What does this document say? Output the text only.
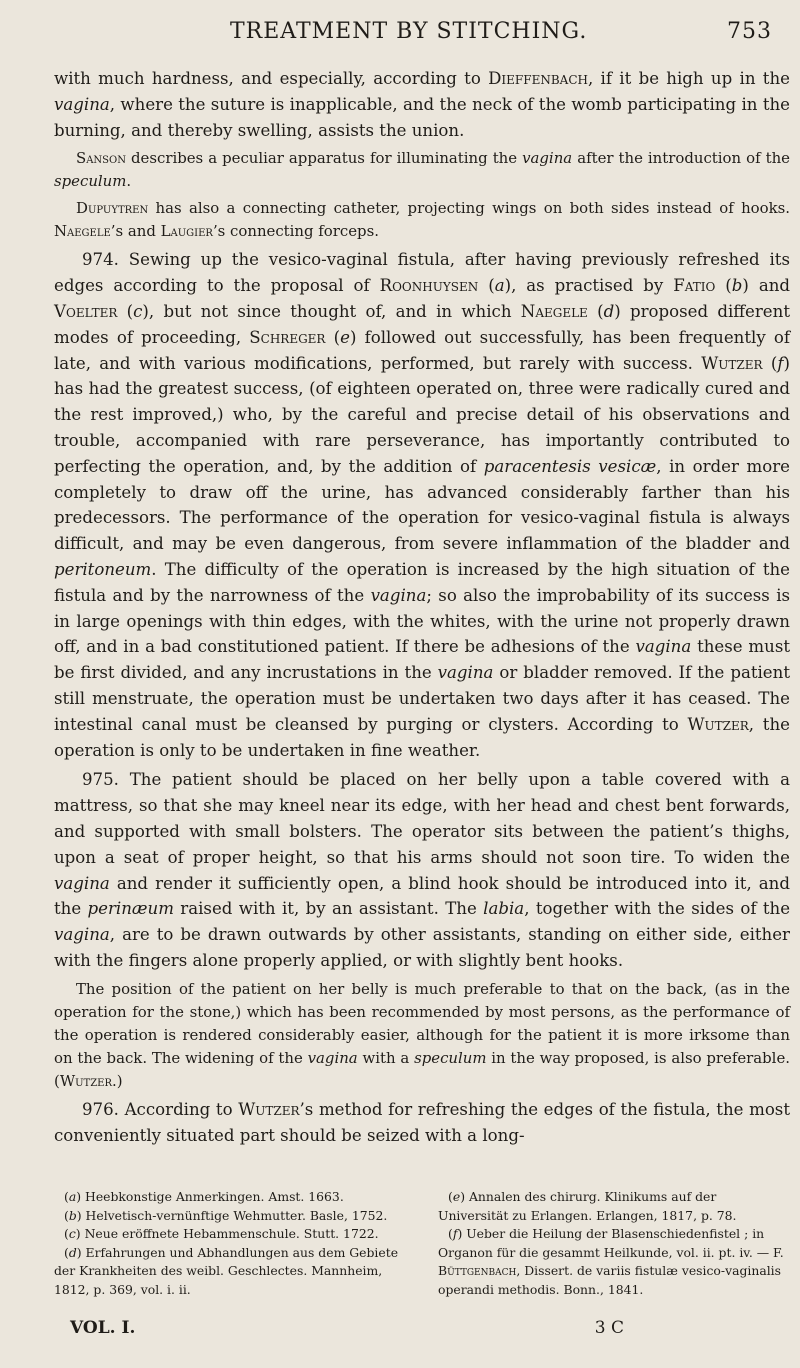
TREATMENT BY STITCHING.	753

with much hardness, and especially, according to Dieffenbach, if it be high up in the vagina, where the suture is inapplicable, and the neck of the womb participating in the burning, and thereby swelling, assists the union.

Sanson describes a peculiar apparatus for illuminating the vagina after the introduction of the speculum.

Dupuytren has also a connecting catheter, projecting wings on both sides instead of hooks. Naegele’s and Laugier’s connecting forceps.

974. Sewing up the vesico-vaginal fistula, after having previously refreshed its edges according to the proposal of Roonhuysen (a), as practised by Fatio (b) and Voelter (c), but not since thought of, and in which Naegele (d) proposed different modes of proceeding, Schreger (e) followed out successfully, has been frequently of late, and with various modifications, performed, but rarely with success. Wutzer (f) has had the greatest success, (of eighteen operated on, three were radically cured and the rest improved,) who, by the careful and precise detail of his observations and trouble, accompanied with rare perseverance, has importantly contributed to perfecting the operation, and, by the addition of paracentesis vesicæ, in order more completely to draw off the urine, has advanced considerably farther than his predecessors. The performance of the operation for vesico-vaginal fistula is always difficult, and may be even dangerous, from severe inflammation of the bladder and peritoneum. The difficulty of the operation is increased by the high situation of the fistula and by the narrowness of the vagina; so also the improbability of its success is in large openings with thin edges, with the whites, with the urine not properly drawn off, and in a bad constitutioned patient. If there be adhesions of the vagina these must be first divided, and any incrustations in the vagina or bladder removed. If the patient still menstruate, the operation must be undertaken two days after it has ceased. The intestinal canal must be cleansed by purging or clysters. According to Wutzer, the operation is only to be undertaken in fine weather.

975. The patient should be placed on her belly upon a table covered with a mattress, so that she may kneel near its edge, with her head and chest bent forwards, and supported with small bolsters. The operator sits between the patient’s thighs, upon a seat of proper height, so that his arms should not soon tire. To widen the vagina and render it sufficiently open, a blind hook should be introduced into it, and the perinæum raised with it, by an assistant. The labia, together with the sides of the vagina, are to be drawn outwards by other assistants, standing on either side, either with the fingers alone properly applied, or with slightly bent hooks.

The position of the patient on her belly is much preferable to that on the back, (as in the operation for the stone,) which has been recommended by most persons, as the performance of the operation is rendered considerably easier, although for the patient it is more irksome than on the back. The widening of the vagina with a speculum in the way proposed, is also preferable. (Wutzer.)

976. According to Wutzer’s method for refreshing the edges of the fistula, the most conveniently situated part should be seized with a long-

(a) Heebkonstige Anmerkingen. Amst. 1663.

(b) Helvetisch-vernünftige Wehmutter. Basle, 1752.

(c) Neue eröffnete Hebammenschule. Stutt. 1722.

(d) Erfahrungen und Abhandlungen aus dem Gebiete der Krankheiten des weibl. Geschlectes. Mannheim, 1812, p. 369, vol. i. ii.

(e) Annalen des chirurg. Klinikums auf der Universität zu Erlangen. Erlangen, 1817, p. 78.

(f) Ueber die Heilung der Blasenschiedenfistel ; in Organon für die gesammt Heilkunde, vol. ii. pt. iv. — F. Büttgenbach, Dissert. de variis fistulæ vesico-vaginalis operandi methodis. Bonn., 1841.

VOL. I.	3 C
